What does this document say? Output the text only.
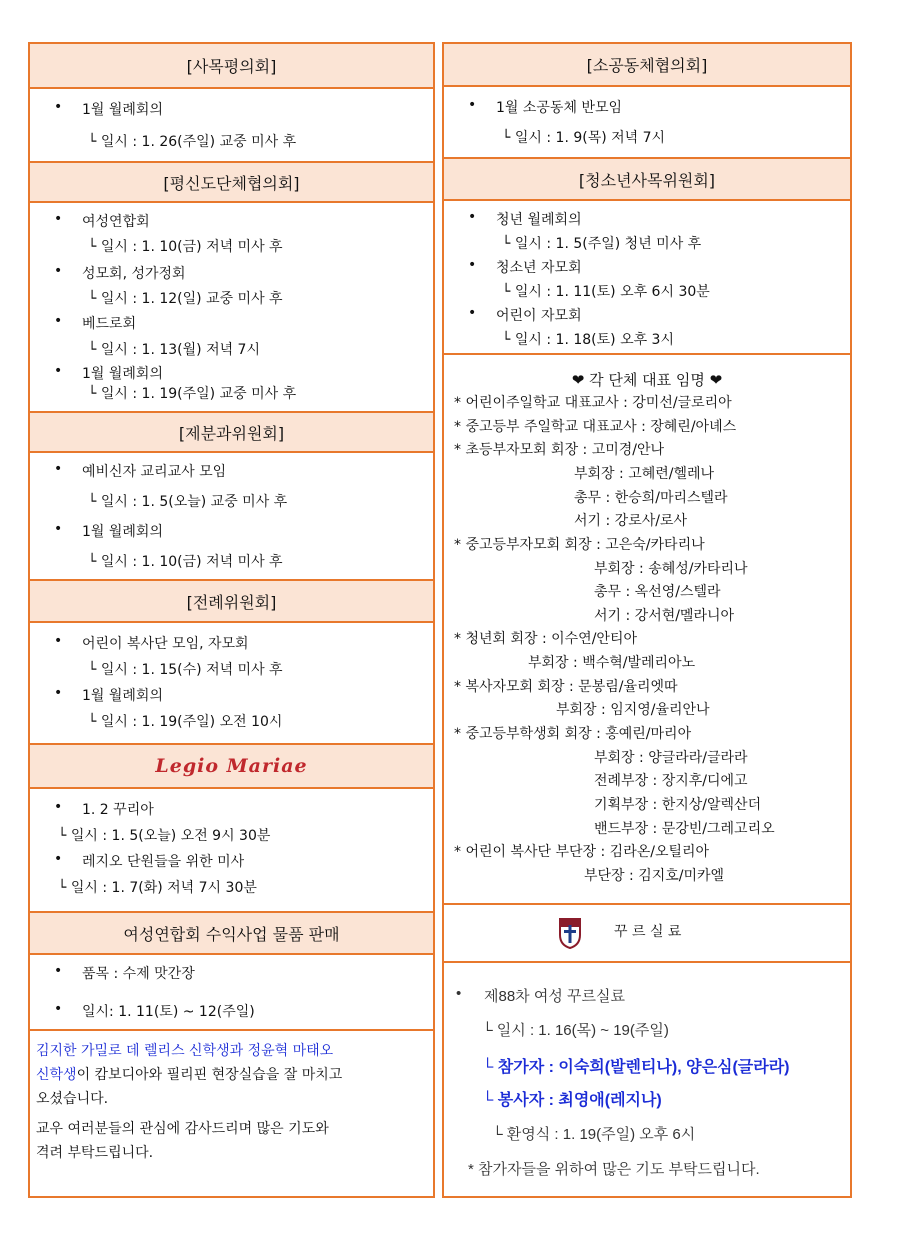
[사목평의회]
• 1월 월례회의
└ 일시 : 1. 26(주일) 교중 미사 후
[평신도단체협의회]
• 여성연합회
└ 일시 : 1. 10(금) 저녁 미사 후
• 성모회, 성가정회
└ 일시 : 1. 12(일) 교중 미사 후
• 베드로회
└ 일시 : 1. 13(월) 저녁 7시
• 1월 월례회의
└ 일시 : 1. 19(주일) 교중 미사 후
[제분과위원회]
• 예비신자 교리교사 모임
└ 일시 : 1. 5(오늘) 교중 미사 후
• 1월 월례회의
└ 일시 : 1. 10(금) 저녁 미사 후
[전례위원회]
• 어린이 복사단 모임, 자모회
└ 일시 : 1. 15(수) 저녁 미사 후
• 1월 월례회의
└ 일시 : 1. 19(주일) 오전 10시
Legio Mariae
• 1. 2 꾸리아
└ 일시 : 1. 5(오늘) 오전 9시 30분
• 레지오 단원들을 위한 미사
└ 일시 : 1. 7(화) 저녁 7시 30분
여성연합회 수익사업 물품 판매
• 품목 : 수제 맛간장
• 일시: 1. 11(토) ~ 12(주일)
김지한 가밀로 데 렐리스 신학생과 정윤혁 마태오
신학생이 캄보디아와 필리핀 현장실습을 잘 마치고
오셨습니다.
교우 여러분들의 관심에 감사드리며 많은 기도와
격려 부탁드립니다.
[소공동체협의회]
• 1월 소공동체 반모임
└ 일시 : 1. 9(목) 저녁 7시
[청소년사목위원회]
• 청년 월례회의
└ 일시 : 1. 5(주일) 청년 미사 후
• 청소년 자모회
└ 일시 : 1. 11(토) 오후 6시 30분
• 어린이 자모회
└ 일시 : 1. 18(토) 오후 3시
❤ 각 단체 대표 임명 ❤
* 어린이주일학교 대표교사 : 강미선/글로리아
* 중고등부 주일학교 대표교사 : 장혜린/아녜스
* 초등부자모회 회장 : 고미경/안나
부회장 : 고혜련/헬레나
총무 : 한승희/마리스텔라
서기 : 강로사/로사
* 중고등부자모회 회장 : 고은숙/카타리나
부회장 : 송혜성/카타리나
총무 : 옥선영/스텔라
서기 : 강서현/멜라니아
* 청년회 회장 : 이수연/안티아
부회장 : 백수혁/발레리아노
* 복사자모회 회장 : 문봉림/율리엣따
부회장 : 임지영/율리안나
* 중고등부학생회 회장 : 홍예린/마리아
부회장 : 양글라라/글라라
전례부장 : 장지후/디에고
기획부장 : 한지상/알렉산더
밴드부장 : 문강빈/그레고리오
* 어린이 복사단 부단장 : 김라온/오틸리아
부단장 : 김지호/미카엘
꾸 르 실 료
• 제88차 여성 꾸르실료
└ 일시 : 1. 16(목) ~ 19(주일)
└ 참가자 : 이숙희(발렌티나), 양은심(글라라)
└ 봉사자 : 최영애(레지나)
└ 환영식 : 1. 19(주일) 오후 6시
* 참가자들을 위하여 많은 기도 부탁드립니다.
